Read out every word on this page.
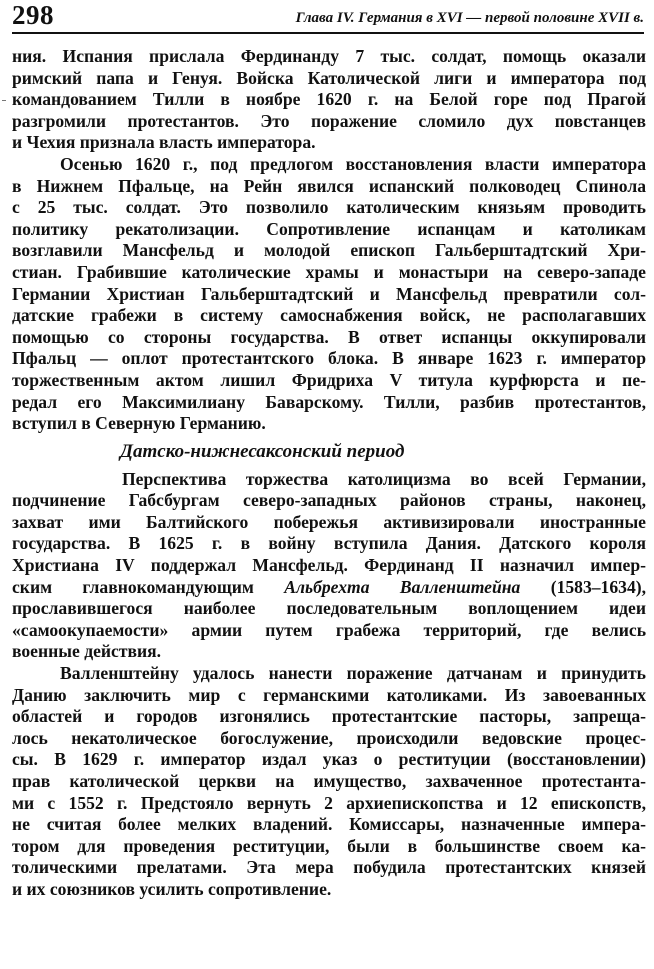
298	Глава IV. Германия в XVI — первой половине XVII в.

ния. Испания прислала Фердинанду 7 тыс. солдат, помощь оказали
римский папа и Генуя. Войска Католической лиги и императора под
командованием Тилли в ноябре 1620 г. на Белой горе под Прагой
разгромили протестантов. Это поражение сломило дух повстанцев
и Чехия признала власть императора.

Осенью 1620 г., под предлогом восстановления власти императора
в Нижнем Пфальце, на Рейн явился испанский полководец Спинола
с 25 тыс. солдат. Это позволило католическим князьям проводить
политику рекатолизации. Сопротивление испанцам и католикам
возглавили Мансфельд и молодой епископ Гальберштадтский Хри-
стиан. Грабившие католические храмы и монастыри на северо-западе
Германии Христиан Гальберштадтский и Мансфельд превратили сол-
датские грабежи в систему самоснабжения войск, не располагавших
помощью со стороны государства. В ответ испанцы оккупировали
Пфальц — оплот протестантского блока. В январе 1623 г. император
торжественным актом лишил Фридриха V титула курфюрста и пе-
редал его Максимилиану Баварскому. Тилли, разбив протестантов,
вступил в Северную Германию.

Датско-нижнесаксонский период

Перспектива торжества католицизма во всей Германии,
подчинение Габсбургам северо-западных районов страны, наконец,
захват ими Балтийского побережья активизировали иностранные
государства. В 1625 г. в войну вступила Дания. Датского короля
Христиана IV поддержал Мансфельд. Фердинанд II назначил импер-
ским главнокомандующим Альбрехта Валленштейна (1583–1634),
прославившегося наиболее последовательным воплощением идеи
«самоокупаемости» армии путем грабежа территорий, где велись
военные действия.

Валленштейну удалось нанести поражение датчанам и принудить
Данию заключить мир с германскими католиками. Из завоеванных
областей и городов изгонялись протестантские пасторы, запреща-
лось некатолическое богослужение, происходили ведовские процес-
сы. В 1629 г. император издал указ о реституции (восстановлении)
прав католической церкви на имущество, захваченное протестанта-
ми с 1552 г. Предстояло вернуть 2 архиепископства и 12 епископств,
не считая более мелких владений. Комиссары, назначенные импера-
тором для проведения реституции, были в большинстве своем ка-
толическими прелатами. Эта мера побудила протестантских князей
и их союзников усилить сопротивление.
